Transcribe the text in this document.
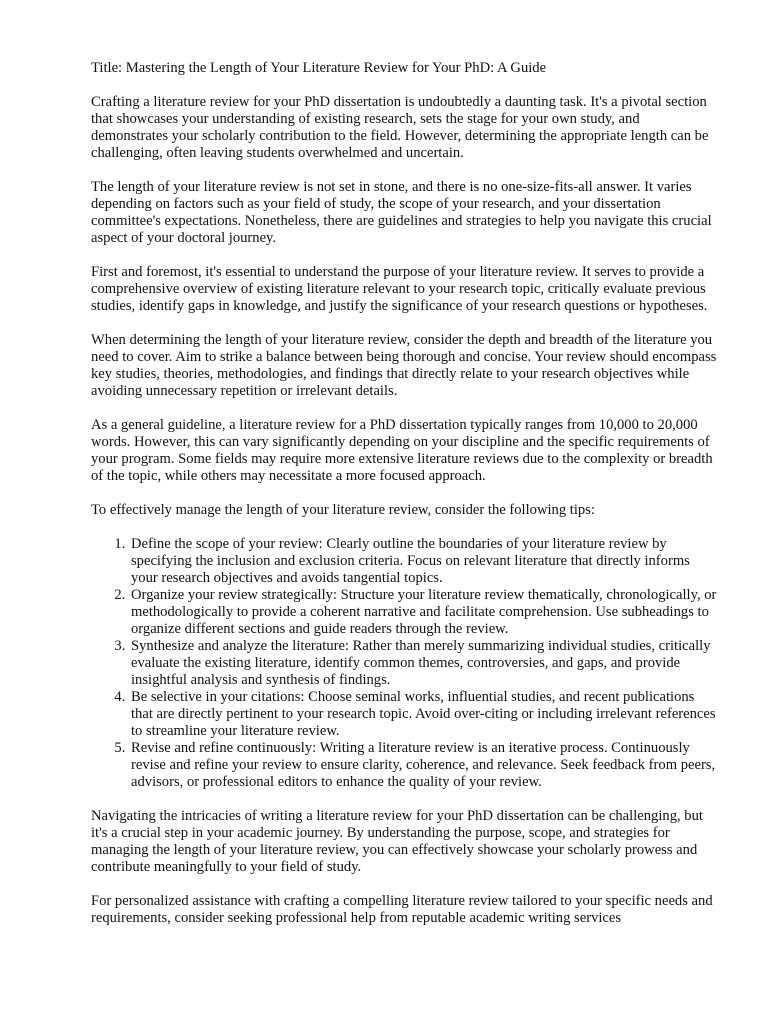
Title: Mastering the Length of Your Literature Review for Your PhD: A Guide

Crafting a literature review for your PhD dissertation is undoubtedly a daunting task. It's a pivotal section that showcases your understanding of existing research, sets the stage for your own study, and demonstrates your scholarly contribution to the field. However, determining the appropriate length can be challenging, often leaving students overwhelmed and uncertain.

The length of your literature review is not set in stone, and there is no one-size-fits-all answer. It varies depending on factors such as your field of study, the scope of your research, and your dissertation committee's expectations. Nonetheless, there are guidelines and strategies to help you navigate this crucial aspect of your doctoral journey.

First and foremost, it's essential to understand the purpose of your literature review. It serves to provide a comprehensive overview of existing literature relevant to your research topic, critically evaluate previous studies, identify gaps in knowledge, and justify the significance of your research questions or hypotheses.

When determining the length of your literature review, consider the depth and breadth of the literature you need to cover. Aim to strike a balance between being thorough and concise. Your review should encompass key studies, theories, methodologies, and findings that directly relate to your research objectives while avoiding unnecessary repetition or irrelevant details.

As a general guideline, a literature review for a PhD dissertation typically ranges from 10,000 to 20,000 words. However, this can vary significantly depending on your discipline and the specific requirements of your program. Some fields may require more extensive literature reviews due to the complexity or breadth of the topic, while others may necessitate a more focused approach.

To effectively manage the length of your literature review, consider the following tips:

1. Define the scope of your review: Clearly outline the boundaries of your literature review by specifying the inclusion and exclusion criteria. Focus on relevant literature that directly informs your research objectives and avoids tangential topics.
2. Organize your review strategically: Structure your literature review thematically, chronologically, or methodologically to provide a coherent narrative and facilitate comprehension. Use subheadings to organize different sections and guide readers through the review.
3. Synthesize and analyze the literature: Rather than merely summarizing individual studies, critically evaluate the existing literature, identify common themes, controversies, and gaps, and provide insightful analysis and synthesis of findings.
4. Be selective in your citations: Choose seminal works, influential studies, and recent publications that are directly pertinent to your research topic. Avoid over-citing or including irrelevant references to streamline your literature review.
5. Revise and refine continuously: Writing a literature review is an iterative process. Continuously revise and refine your review to ensure clarity, coherence, and relevance. Seek feedback from peers, advisors, or professional editors to enhance the quality of your review.

Navigating the intricacies of writing a literature review for your PhD dissertation can be challenging, but it's a crucial step in your academic journey. By understanding the purpose, scope, and strategies for managing the length of your literature review, you can effectively showcase your scholarly prowess and contribute meaningfully to your field of study.

For personalized assistance with crafting a compelling literature review tailored to your specific needs and requirements, consider seeking professional help from reputable academic writing services
